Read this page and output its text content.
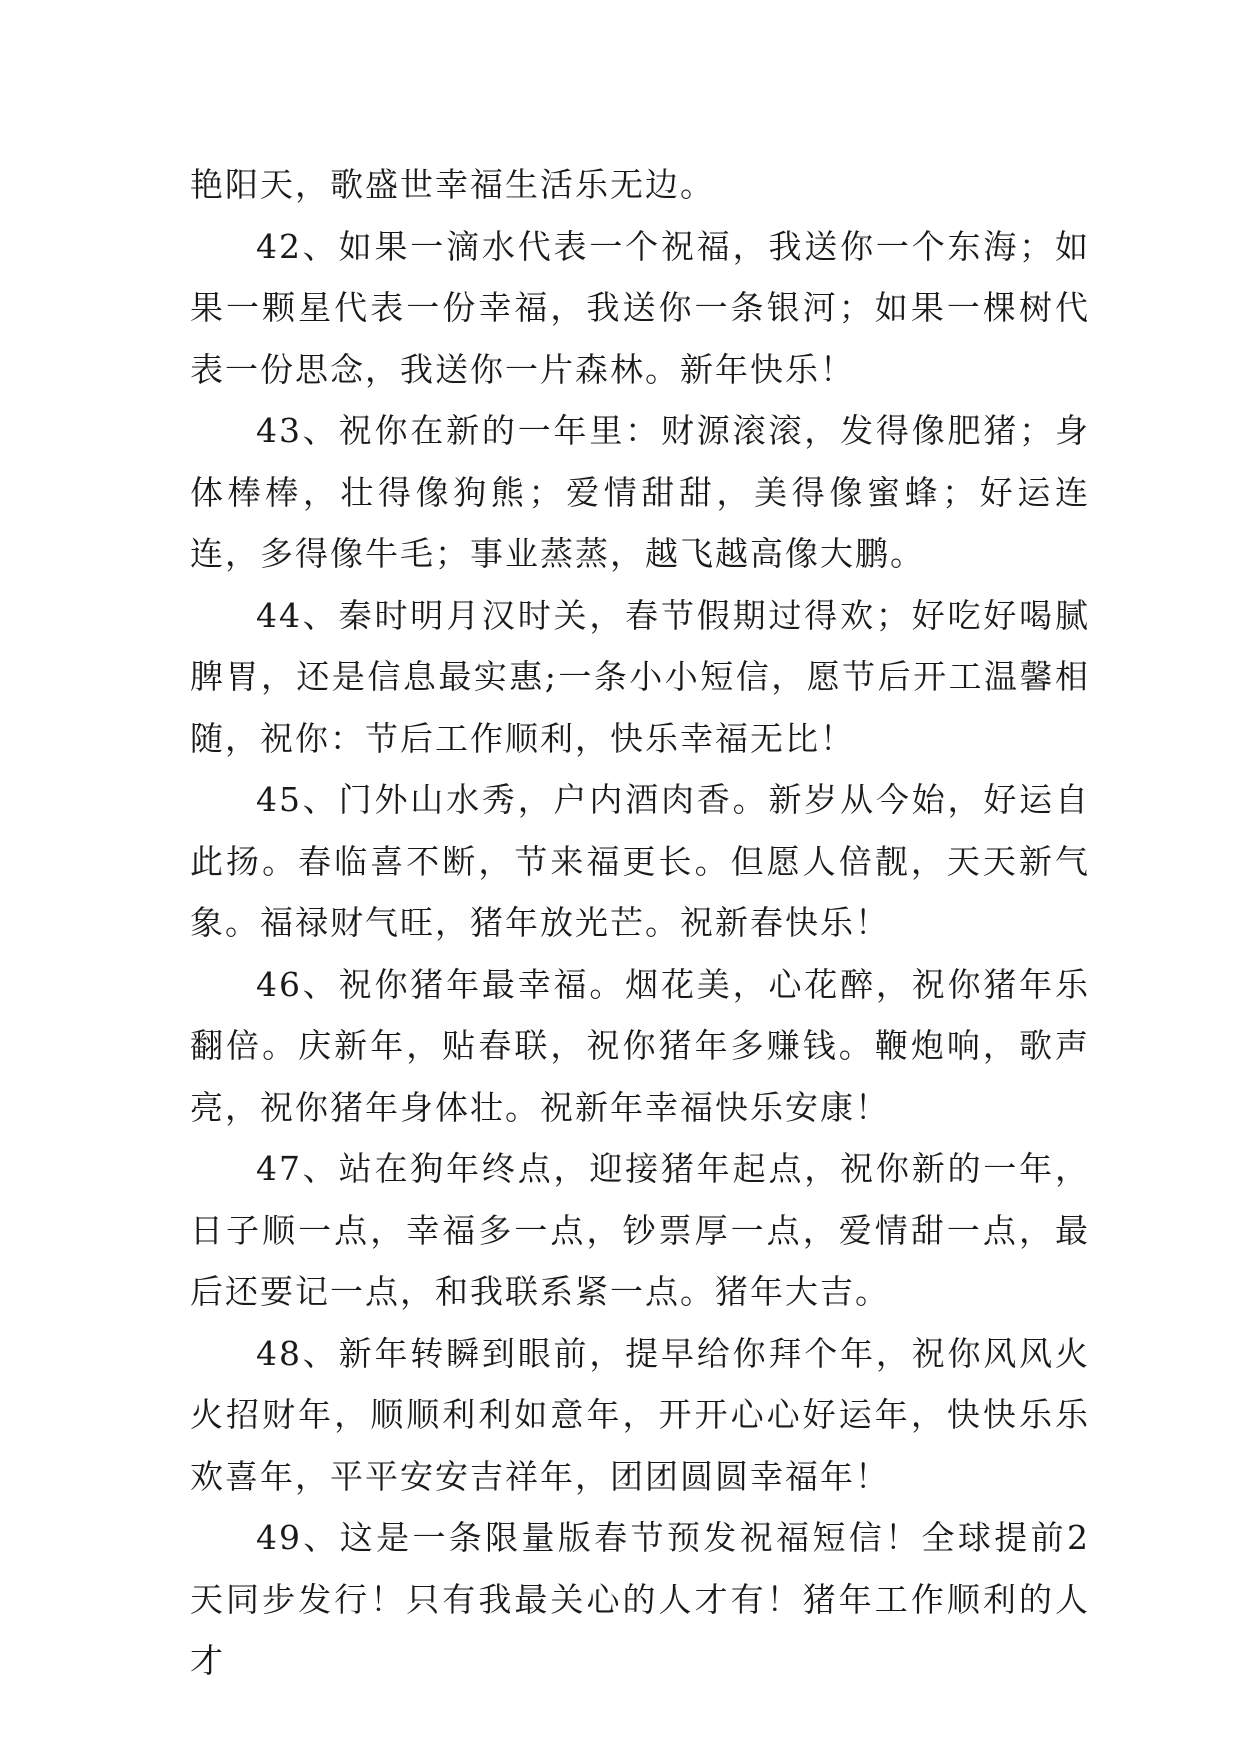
艳阳天，歌盛世幸福生活乐无边。

42、如果一滴水代表一个祝福，我送你一个东海；如果一颗星代表一份幸福，我送你一条银河；如果一棵树代表一份思念，我送你一片森林。新年快乐！

43、祝你在新的一年里：财源滚滚，发得像肥猪；身体棒棒，壮得像狗熊；爱情甜甜，美得像蜜蜂；好运连连，多得像牛毛；事业蒸蒸，越飞越高像大鹏。

44、秦时明月汉时关，春节假期过得欢；好吃好喝腻脾胃，还是信息最实惠;一条小小短信，愿节后开工温馨相随，祝你：节后工作顺利，快乐幸福无比！

45、门外山水秀，户内酒肉香。新岁从今始，好运自此扬。春临喜不断，节来福更长。但愿人倍靓，天天新气象。福禄财气旺，猪年放光芒。祝新春快乐！

46、祝你猪年最幸福。烟花美，心花醉，祝你猪年乐翻倍。庆新年，贴春联，祝你猪年多赚钱。鞭炮响，歌声亮，祝你猪年身体壮。祝新年幸福快乐安康！

47、站在狗年终点，迎接猪年起点，祝你新的一年，日子顺一点，幸福多一点，钞票厚一点，爱情甜一点，最后还要记一点，和我联系紧一点。猪年大吉。

48、新年转瞬到眼前，提早给你拜个年，祝你风风火火招财年，顺顺利利如意年，开开心心好运年，快快乐乐欢喜年，平平安安吉祥年，团团圆圆幸福年！

49、这是一条限量版春节预发祝福短信！全球提前2天同步发行！只有我最关心的人才有！猪年工作顺利的人才
